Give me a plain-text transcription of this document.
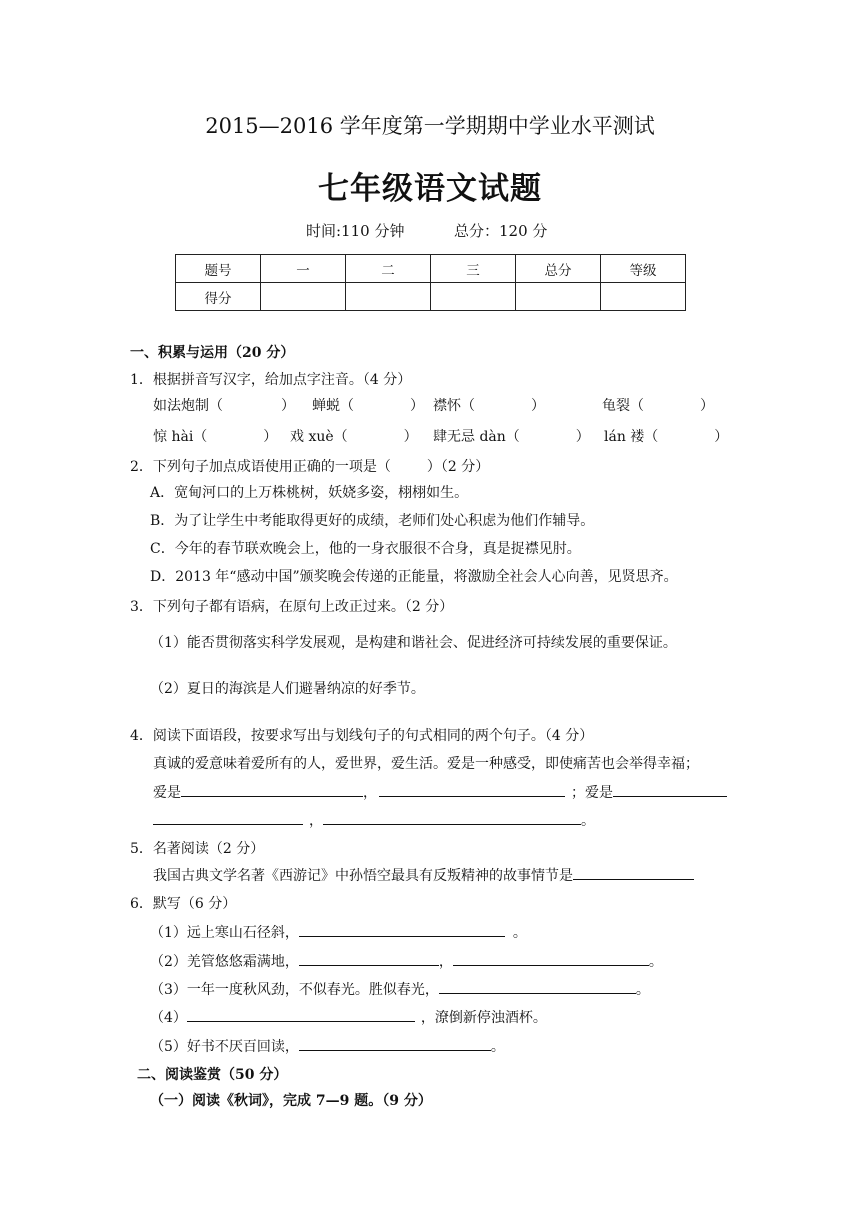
2015—2016 学年度第一学期期中学业水平测试
七年级语文试题
时间:110 分钟	总分：120 分
题号	一	二	三	总分	等级
得分					
一、积累与运用（20 分）
1．根据拼音写汉字，给加点字注音。（4 分）
如法炮制（	） 蝉蜕（	） 襟怀（	）	龟裂（	）
惊 hài（	） 戏 xuè（	） 肆无忌 dàn（	） lán 褛（	）
2．下列句子加点成语使用正确的一项是（	）（2 分）
A．宽甸河口的上万株桃树，妖娆多姿，栩栩如生。
B．为了让学生中考能取得更好的成绩，老师们处心积虑为他们作辅导。
C．今年的春节联欢晚会上，他的一身衣服很不合身，真是捉襟见肘。
D．2013 年“感动中国”颁奖晚会传递的正能量，将激励全社会人心向善，见贤思齐。
3．下列句子都有语病，在原句上改正过来。（2 分）
（1）能否贯彻落实科学发展观，是构建和谐社会、促进经济可持续发展的重要保证。
（2）夏日的海滨是人们避暑纳凉的好季节。
4．阅读下面语段，按要求写出与划线句子的句式相同的两个句子。（4 分）
真诚的爱意味着爱所有的人，爱世界，爱生活。爱是一种感受，即使痛苦也会举得幸福；
爱是	，	；爱是
，	。
5．名著阅读（2 分）
我国古典文学名著《西游记》中孙悟空最具有反叛精神的故事情节是
6．默写（6 分）
（1）远上寒山石径斜，	。
（2）羌管悠悠霜满地，	，	。
（3）一年一度秋风劲，不似春光。胜似春光，	。
（4）	，潦倒新停浊酒杯。
（5）好书不厌百回读，	。
二、阅读鉴赏（50 分）
（一）阅读《秋词》，完成 7—9 题。（9 分）
